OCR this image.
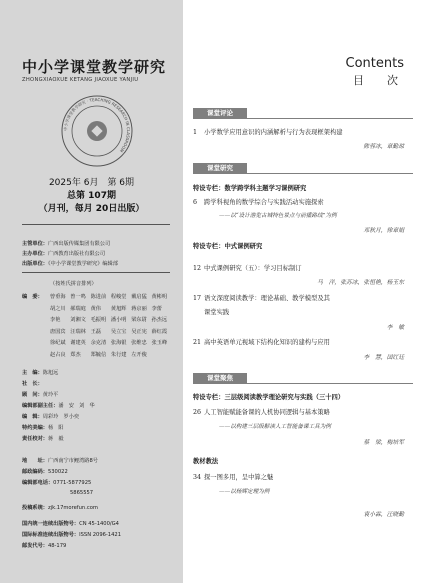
中小学课堂教学研究
ZHONGXIAOXUE KETANG JIAOXUE YANJIU
中小学课堂教学研究 · TEACHING RESEARCH IN CLASSROOM
2025年 6月　第 6期
总第 107期
（月刊，每月 20日出版）
主管单位：广西出版传媒集团有限公司
主办单位：广西教育出版社有限公司
出版单位：《中小学课堂教学研究》编辑部
（按姓氏拼音排列）
编　委： 曾垂海 曾一鸣 陈进前 程峻堂 戴启猛 黄彬明
胡之川 郝瑞庭 黄伟	黄旭辉 蒋京丽 李蕾
李艳	刘湘文 毛振明 潘小明 梁东尉 孙杰远
唐国宾 汪瑞林 王磊	吴立宝 吴正宪 薛红霞
徐纪斌 谢建英 余克清 张海银 张维忠 张玉峰
赵占良 郑杰	郑毓信 朱行建 左开俊
主　编：陈旭远
社　长：
顾　问：黄玲平
编辑部副主任：潘　安　刘　华
编　辑：周彩玲　罗小奕
特约美编：杨　阳
责任校对：蒋　毅
地　　址：广西南宁市鲤湾路8号
邮政编码：530022
编辑部电话：0771-5877925
5865557
投稿系统：zjk.17morefun.com
国内统一连续出版物号：CN 45-1400/G4
国际标准连续出版物号：ISSN 2096-1421
邮发代号：48-179
Contents
目　次
课堂评论
1 小学数学应用意识的内涵解析与行为表现框架构建
陈蓉冰，章勤琼
课堂研究
特设专栏：数学跨学科主题学习课例研究
6 跨学科视角的数学综合与实践活动实施探索
——以“设计游览古城特色景点与前播路线”为例
邓秋月，徐章娟
特设专栏：中式课例研究
12 中式课例研究（五）：学习目标制订
马　洋，张苏冰，张恒艳，杨玉东
17 语文深度阅读教学：理论基础、教学模型及其
课堂实践
李　敏
21 高中英语单元视域下结构化知识的建构与应用
李　慧，国红廷
课堂聚焦
特设专栏：三层级阅读教学理论研究与实践（三十四）
26 人工智能赋能备课的人机协同逻辑与基本策略
——以构建三层级解读人工智能备课工具为例
蔡　梁，梅培军
教材教法
34 探一图多用，呈中算之魅
——以杨辉定理为例
袁小霖，汪晓勤
